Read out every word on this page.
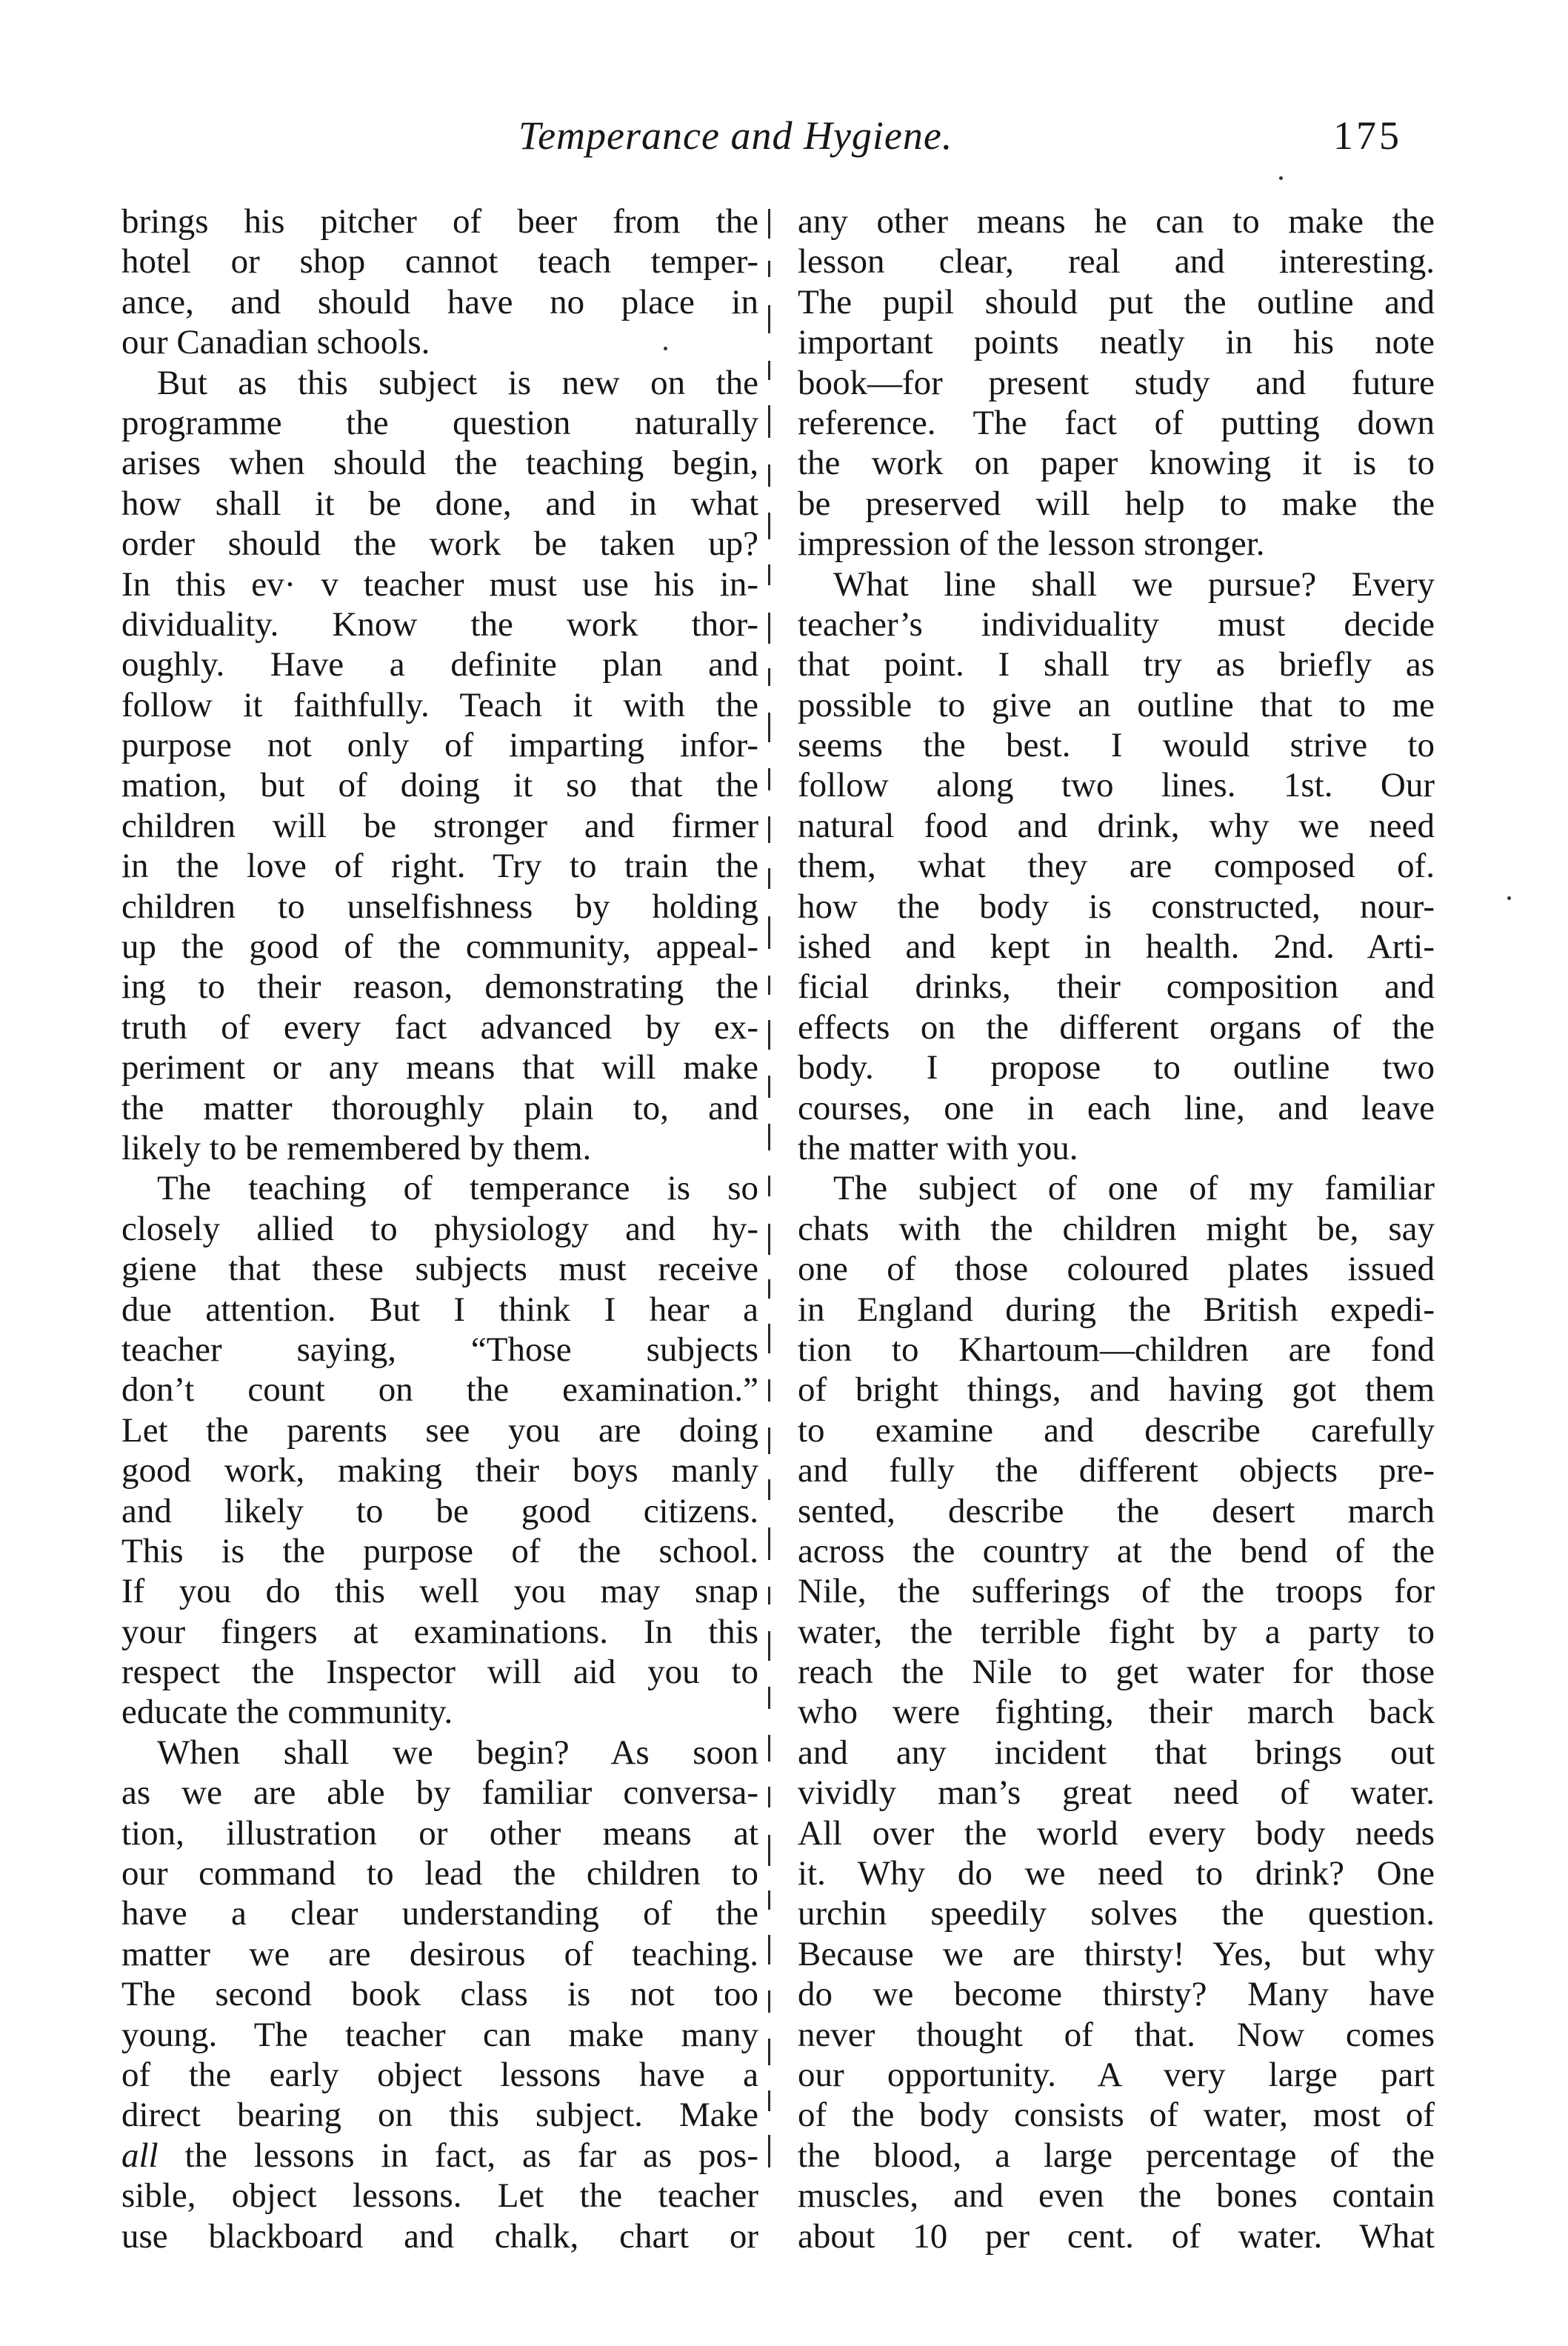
Temperance and Hygiene.	175
brings his pitcher of beer from the
hotel or shop cannot teach temper-
ance, and should have no place in
our Canadian schools.
But as this subject is new on the
programme the question naturally
arises when should the teaching begin,
how shall it be done, and in what
order should the work be taken up?
In this ev· v teacher must use his in-
dividuality. Know the work thor-
oughly. Have a definite plan and
follow it faithfully. Teach it with the
purpose not only of imparting infor-
mation, but of doing it so that the
children will be stronger and firmer
in the love of right. Try to train the
children to unselfishness by holding
up the good of the community, appeal-
ing to their reason, demonstrating the
truth of every fact advanced by ex-
periment or any means that will make
the matter thoroughly plain to, and
likely to be remembered by them.
The teaching of temperance is so
closely allied to physiology and hy-
giene that these subjects must receive
due attention. But I think I hear a
teacher saying, “Those subjects
don’t count on the examination.”
Let the parents see you are doing
good work, making their boys manly
and likely to be good citizens.
This is the purpose of the school.
If you do this well you may snap
your fingers at examinations. In this
respect the Inspector will aid you to
educate the community.
When shall we begin? As soon
as we are able by familiar conversa-
tion, illustration or other means at
our command to lead the children to
have a clear understanding of the
matter we are desirous of teaching.
The second book class is not too
young. The teacher can make many
of the early object lessons have a
direct bearing on this subject. Make
all the lessons in fact, as far as pos-
sible, object lessons. Let the teacher
use blackboard and chalk, chart or
any other means he can to make the
lesson clear, real and interesting.
The pupil should put the outline and
important points neatly in his note
book—for present study and future
reference. The fact of putting down
the work on paper knowing it is to
be preserved will help to make the
impression of the lesson stronger.
What line shall we pursue? Every
teacher’s individuality must decide
that point. I shall try as briefly as
possible to give an outline that to me
seems the best. I would strive to
follow along two lines. 1st. Our
natural food and drink, why we need
them, what they are composed of.
how the body is constructed, nour-
ished and kept in health. 2nd. Arti-
ficial drinks, their composition and
effects on the different organs of the
body. I propose to outline two
courses, one in each line, and leave
the matter with you.
The subject of one of my familiar
chats with the children might be, say
one of those coloured plates issued
in England during the British expedi-
tion to Khartoum—children are fond
of bright things, and having got them
to examine and describe carefully
and fully the different objects pre-
sented, describe the desert march
across the country at the bend of the
Nile, the sufferings of the troops for
water, the terrible fight by a party to
reach the Nile to get water for those
who were fighting, their march back
and any incident that brings out
vividly man’s great need of water.
All over the world every body needs
it. Why do we need to drink? One
urchin speedily solves the question.
Because we are thirsty! Yes, but why
do we become thirsty? Many have
never thought of that. Now comes
our opportunity. A very large part
of the body consists of water, most of
the blood, a large percentage of the
muscles, and even the bones contain
about 10 per cent. of water. What
